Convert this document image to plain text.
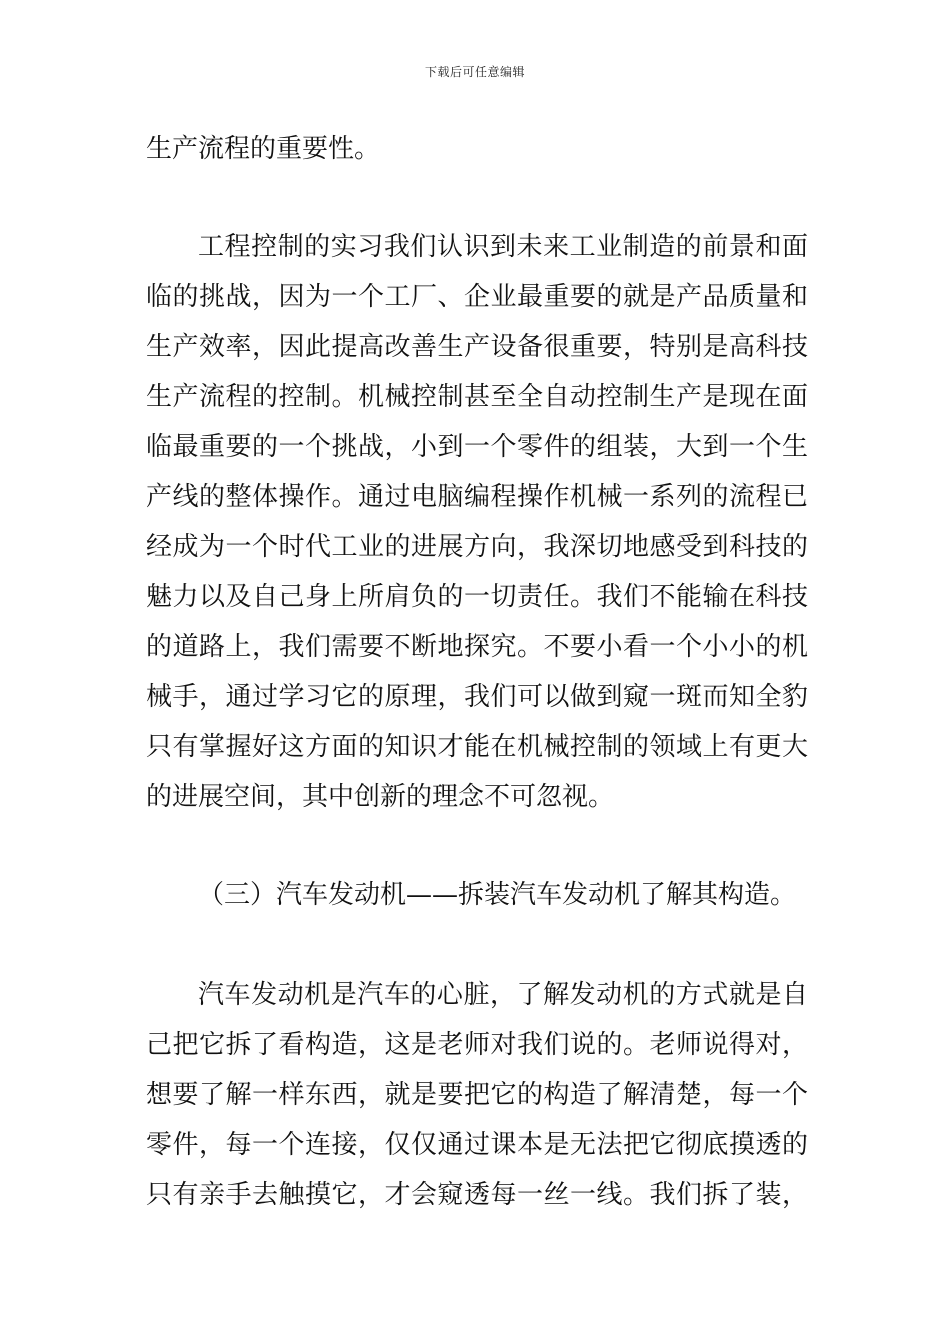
下载后可任意编辑
生产流程的重要性。
工程控制的实习我们认识到未来工业制造的前景和面
临的挑战，因为一个工厂、企业最重要的就是产品质量和
生产效率，因此提高改善生产设备很重要，特别是高科技
生产流程的控制。机械控制甚至全自动控制生产是现在面
临最重要的一个挑战，小到一个零件的组装，大到一个生
产线的整体操作。通过电脑编程操作机械一系列的流程已
经成为一个时代工业的进展方向，我深切地感受到科技的
魅力以及自己身上所肩负的一切责任。我们不能输在科技
的道路上，我们需要不断地探究。不要小看一个小小的机
械手，通过学习它的原理，我们可以做到窥一斑而知全豹
只有掌握好这方面的知识才能在机械控制的领域上有更大
的进展空间，其中创新的理念不可忽视。
（三）汽车发动机——拆装汽车发动机了解其构造。
汽车发动机是汽车的心脏，了解发动机的方式就是自
己把它拆了看构造，这是老师对我们说的。老师说得对，
想要了解一样东西，就是要把它的构造了解清楚，每一个
零件，每一个连接，仅仅通过课本是无法把它彻底摸透的
只有亲手去触摸它，才会窥透每一丝一线。我们拆了装，
